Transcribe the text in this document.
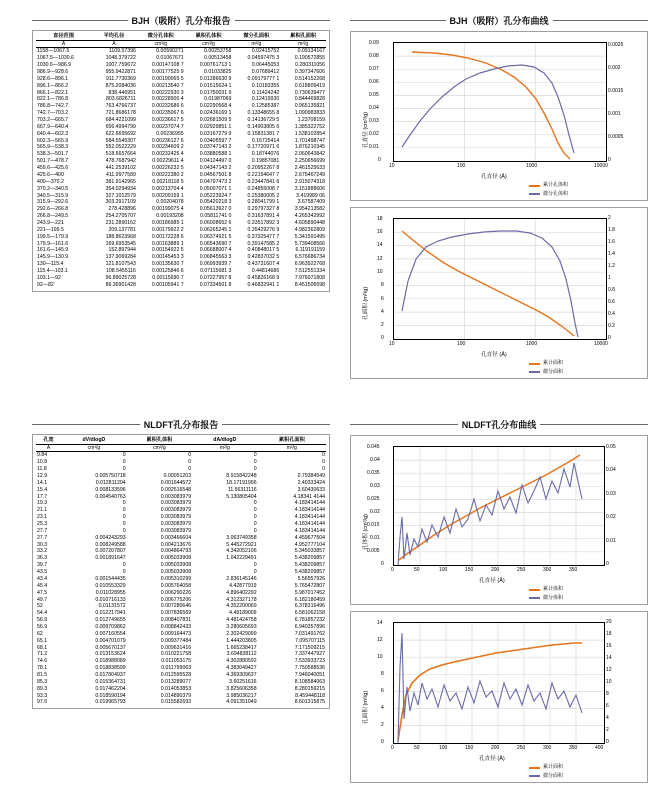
BJH（吸附）孔分布报告
直径范围	平均孔径	微分孔体积	累积孔体积	微分孔面积	累积孔面积
Å	Å	cm³/g	cm³/g	m²/g	m²/g
1158—1067.5	1109.57396	0.00590271	0.00253758	0.02415752	0.09134167
1067.5—1030.6	1048.379722	0.01067671	0.00513458	0.04597475 3	0.190572855
1030.6—986.9	1007.759672	0.00147108 7	0.00761713 1	0.06445053	0.280311056
986.9—928.6	955.9422871	0.00177525 9	0.01033825	0.07689412	0.397347606
928.6—896.1	911.7730369	0.00190065 5	0.01286630 9	0.09179777 1	0.514152268
896.1—866.2	875.2084036	0.00213540 7	0.01515624 1	0.10183355	0.618809419
866.1—822.1	838.446951	0.00222930 3	0.01750031 9	0.11424242	0.730639477
822.1—786.8	803.6826711	0.00228900 4	0.01987069	0.12419930	0.844469828
786.8—742.7	763.4766737	0.00232686 6	0.02290568 4	0.12585387	0.965135821
742.7—703.2	721.8686178	0.00235067 6	0.02436169 1	0.13348655 8	1.090983833
703.2—665.7	684.4221099	0.00236617 5	0.02681509 5	0.14136729 5	1.23708159
667.9—640.4	656.4994799	0.00237074 7	0.02929851 1	0.14903805 6	1.385322752
640.4—602.3	622.6695692	0.00236955	0.03167279 9	0.15831381 7	1.538102854
602.3—565.9	584.5545307	0.00236127 6	0.03405597 7	0.16725414	1.701498747
565.9—538.3	552.0522229	0.00234609 2	0.03747143 2	0.17720971 6	1.876210345
538.3—501.7	518.6657664	0.00232425 4	0.03880588 1	0.18744076	2.060643842
501.7—478.7	478.7687942	0.00229611 4	0.04124497 0	0.19857081	2.250656699
459.6—425.6	441.2539102	0.00226232 5	0.04347143 2	0.20952267 8	2.461525633
425.6—400	411.9977589	0.00222380 2	0.04567501 8	0.22154647 7	2.675467249
400—370.2	381.9142965	0.00218118 5	0.04797473 2	0.23447841 6	2.915074318
370.2—340.5	354.0294934	0.00213704 4	0.05007071 1	0.24855008 7	3.151888606
340.5—315.9	327.1012579	0.00209159 1	0.05223924 7	0.25380005 2	3.419989 06
315.9—292.6	303.2917109	0.00204078	0.05420218 3	0.28041799 1	3.67587409
292.6—266.8	278.428896	0.00199075 4	0.05613927 0	0.29797327 8	3.954213582
266.8—249.5	254.2705707	0.00193208	0.05811741 0	0.31637891 4	4.265342992
243.9—221	231.2890162	0.00186985 1	0.06008652 6	0.33517892 3	4.605890448
221—199.5	209.137781	0.00179922 2	0.06265245 1	0.35429276 9	4.982362809
199.5—179.9	188.8623968	0.00172228 6	0.06374921 5	0.37325477 7	5.341591495
179.9—161.6	169.6953545	0.00163889 1	0.06543690 7	0.39147585 2	5.739408566
161.6—145.9	152.897944	0.00154922 5	0.06688007 4	0.40848017 5	6.119191159
145.9—130.9	137.9069284	0.00145453 3	0.06845563 3	0.42837032 5	6.576686734
130—115.4	121.8107543	0.00135630 7	0.06993939 7	0.43731607 4	6.963922768
115.4—103.1	108.5455116	0.00125846 6	0.07115681 3	0.44814686	7.512551334
103.1—92	96.89025728	0.00115690 7	0.07227957 8	0.45826168 9	7.976071808
92—82	86.36901428	0.00105941 7	0.07334501 8	0.46832941 1	8.451506598
BJH（吸附）孔分布曲线
孔直径 (cm³/g)
0
0.01
0.02
0.03
0.04
0.05
0.06
0.07
0.08
0.09
0
0.0005
0.001
0.0015
0.002
0.0025
10	100	1000	10000
孔直径 (Å)
累计孔体积
微分孔体积
孔面积 (m²/g)
0
2
4
6
8
10
12
14
16
18
0
0.2
0.4
0.6
0.8
1
1.2
1.4
1.6
1.8
2
10	100	1000	10000
孔直径 (Å)
累计面积
微分面积
NLDFT孔分布报告
孔宽	dV/dlogD	累积孔体积	dA/dlogD	累积孔面积
Å	cm³/g	cm³/g	m²/g	m²/g
9.84	0	0	0	0
10.8	0	0	0	0
11.8	0	0	0	0
12.9	0.005750718	0.00051203	8.915842248	0.79384549
14.1	0.012811204	0.001644572	18.17191996	2.40333424
15.4	0.008133596	0.002516548	11.56311116	3.60430633
17.7	0.004540763	0.003083979	5.130805404	4.18341 4144
19.3	0	0.003083979	0	4.183414144
21.1	0	0.003083979	0	4.183414144
23.1	0	0.003083979	0	4.183414144
25.3	0	0.003083979	0	4.183414144
27.7	0	0.003083979	0	4.183414144
27.7	0.004243293	0.003466604	3.063749358	4.459677504
30.3	0.008249588	0.004213676	5.445272921	4.952777104
33.2	0.007207807	0.004864793	4.342052106	5.345033857
36.3	0.001891647	0.005033908	1.042229491	5.438209857
39.7	0	0.005033908	0	5.438209857
43.5	0	0.005033908	0	5.438209857
43.4	0.001544435	0.005310299	2.836145146	5.56557926
45.4	0.010553329	0.005764058	4.42877919	5.765472807
47.5	0.011028955	0.006290226	4.896402292	5.987017452
49.7	0.010716133	0.006775206	4.312327178	6.182180459
52	0.01131572	0.007280646	4.352200069	6.378316496
54.4	0.012217941	0.007836569	4.49189009	6.581062158
56.9	0.012749655	0.008407831	4.481424758	6.781857232
56.9	0.009709862	0.008842433	3.280605693	6.940357896
62	0.007160554	0.009164473	2.302429099	7.031491762
65.1	0.004701079	0.009377484	1.444203805	7.095707115
68.1	0.005670137	0.009631416	1.665238417	7.171509215
71.2	0.013153624	0.010221758	3.694838112	7.337447927
74.6	0.018988089	0.011053175	4.302880592	7.533933723
78.1	0.018838599	0.011799063	4.383049427	7.750588536
81.5	0.017804937	0.012595528	4.369309637	7.946040051
85.3	0.015364731	0.013289077	3.60251616	8.108584063
89.3	0.017462204	0.014053853	3.825606358	8.280159215
93.3	0.018590194	0.014890379	3.985036217	8.459448118
97.6	0.019965793	0.015582693	4.091351049	8.601315875
NLDFT孔分布曲线
孔体积 (cm³/g)
0
0.005
0.01
0.015
0.02
0.025
0.03
0.035
0.04
0.045
0
0.01
0.02
0.03
0.04
0.05
0	50	100	150	200	250	300	350
孔直径 (Å)
累计体积
微分体积
孔面积 (m²/g)
0
2
4
6
8
10
12
14
0
2
4
6
8
10
12
14
16
18
20
0	50	100	150	200	250	300	350	400
孔直径 (Å)
累计面积
微分面积
